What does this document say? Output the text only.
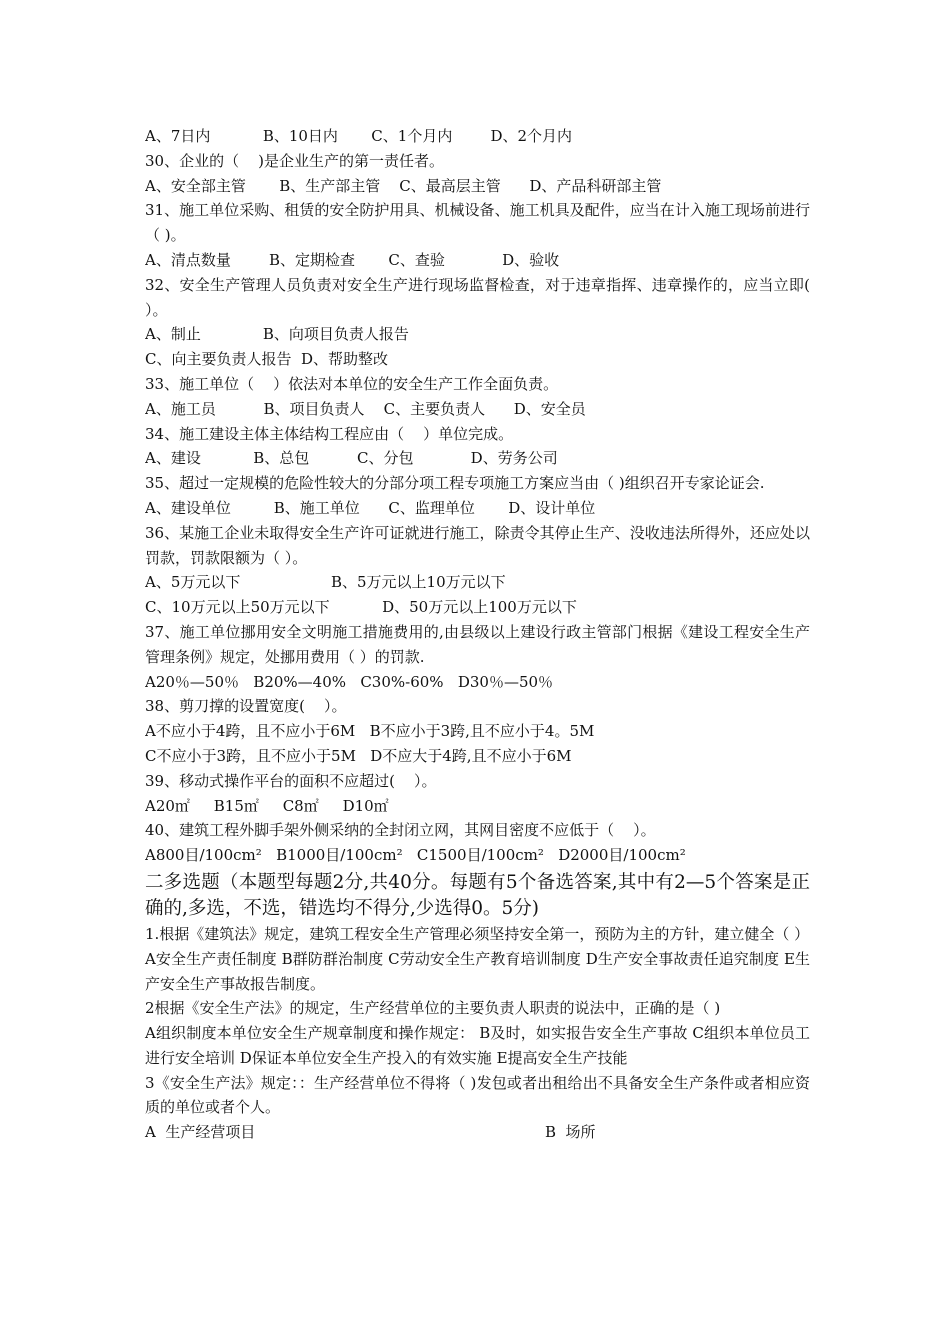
A、7日内           B、10日内       C、1个月内        D、2个月内
30、企业的（    )是企业生产的第一责任者。
A、安全部主管       B、生产部主管    C、最高层主管      D、产品科研部主管
31、施工单位采购、租赁的安全防护用具、机械设备、施工机具及配件，应当在计入施工现场前进行（ )。
A、清点数量        B、定期检查       C、查验            D、验收
32、安全生产管理人员负责对安全生产进行现场监督检查，对于违章指挥、违章操作的，应当立即( ）。
A、制止             B、向项目负责人报告
C、向主要负责人报告  D、帮助整改
33、施工单位（    ）依法对本单位的安全生产工作全面负责。
A、施工员          B、项目负责人    C、主要负责人      D、安全员
34、施工建设主体主体结构工程应由（    ）单位完成。
A、建设           B、总包          C、分包            D、劳务公司
35、超过一定规模的危险性较大的分部分项工程专项施工方案应当由（ )组织召开专家论证会.
A、建设单位         B、施工单位      C、监理单位       D、设计单位
36、某施工企业未取得安全生产许可证就进行施工，除责令其停止生产、没收违法所得外，还应处以罚款，罚款限额为（ ）。
A、5万元以下                   B、5万元以上10万元以下
C、10万元以上50万元以下           D、50万元以上100万元以下
37、施工单位挪用安全文明施工措施费用的,由县级以上建设行政主管部门根据《建设工程安全生产管理条例》规定，处挪用费用（ ）的罚款.
A20％—50％   B20%—40%   C30%-60%   D30％—50％
38、剪刀撑的设置宽度(    ）。
A不应小于4跨，且不应小于6M   B不应小于3跨,且不应小于4。5M
C不应小于3跨，且不应小于5M   D不应大于4跨,且不应小于6M
39、移动式操作平台的面积不应超过(    ）。
A20㎡     B15㎡     C8㎡     D10㎡
40、建筑工程外脚手架外侧采纳的全封闭立网，其网目密度不应低于（    ）。
A800目/100cm²   B1000目/100cm²   C1500目/100cm²   D2000目/100cm²
二多选题（本题型每题2分,共40分。每题有5个备选答案,其中有2—5个答案是正确的,多选，不选，错选均不得分,少选得0。5分)
1.根据《建筑法》规定，建筑工程安全生产管理必须坚持安全第一，预防为主的方针，建立健全（ ）
A安全生产责任制度 B群防群治制度 C劳动安全生产教育培训制度 D生产安全事故责任追究制度 E生产安全生产事故报告制度。
2根据《安全生产法》的规定，生产经营单位的主要负责人职责的说法中，正确的是（ )
A组织制度本单位安全生产规章制度和操作规定： B及时，如实报告安全生产事故 C组织本单位员工进行安全培训 D保证本单位安全生产投入的有效实施 E提高安全生产技能
3《安全生产法》规定：：生产经营单位不得将（ )发包或者出租给出不具备安全生产条件或者相应资质的单位或者个人。
A  生产经营项目	B  场所
